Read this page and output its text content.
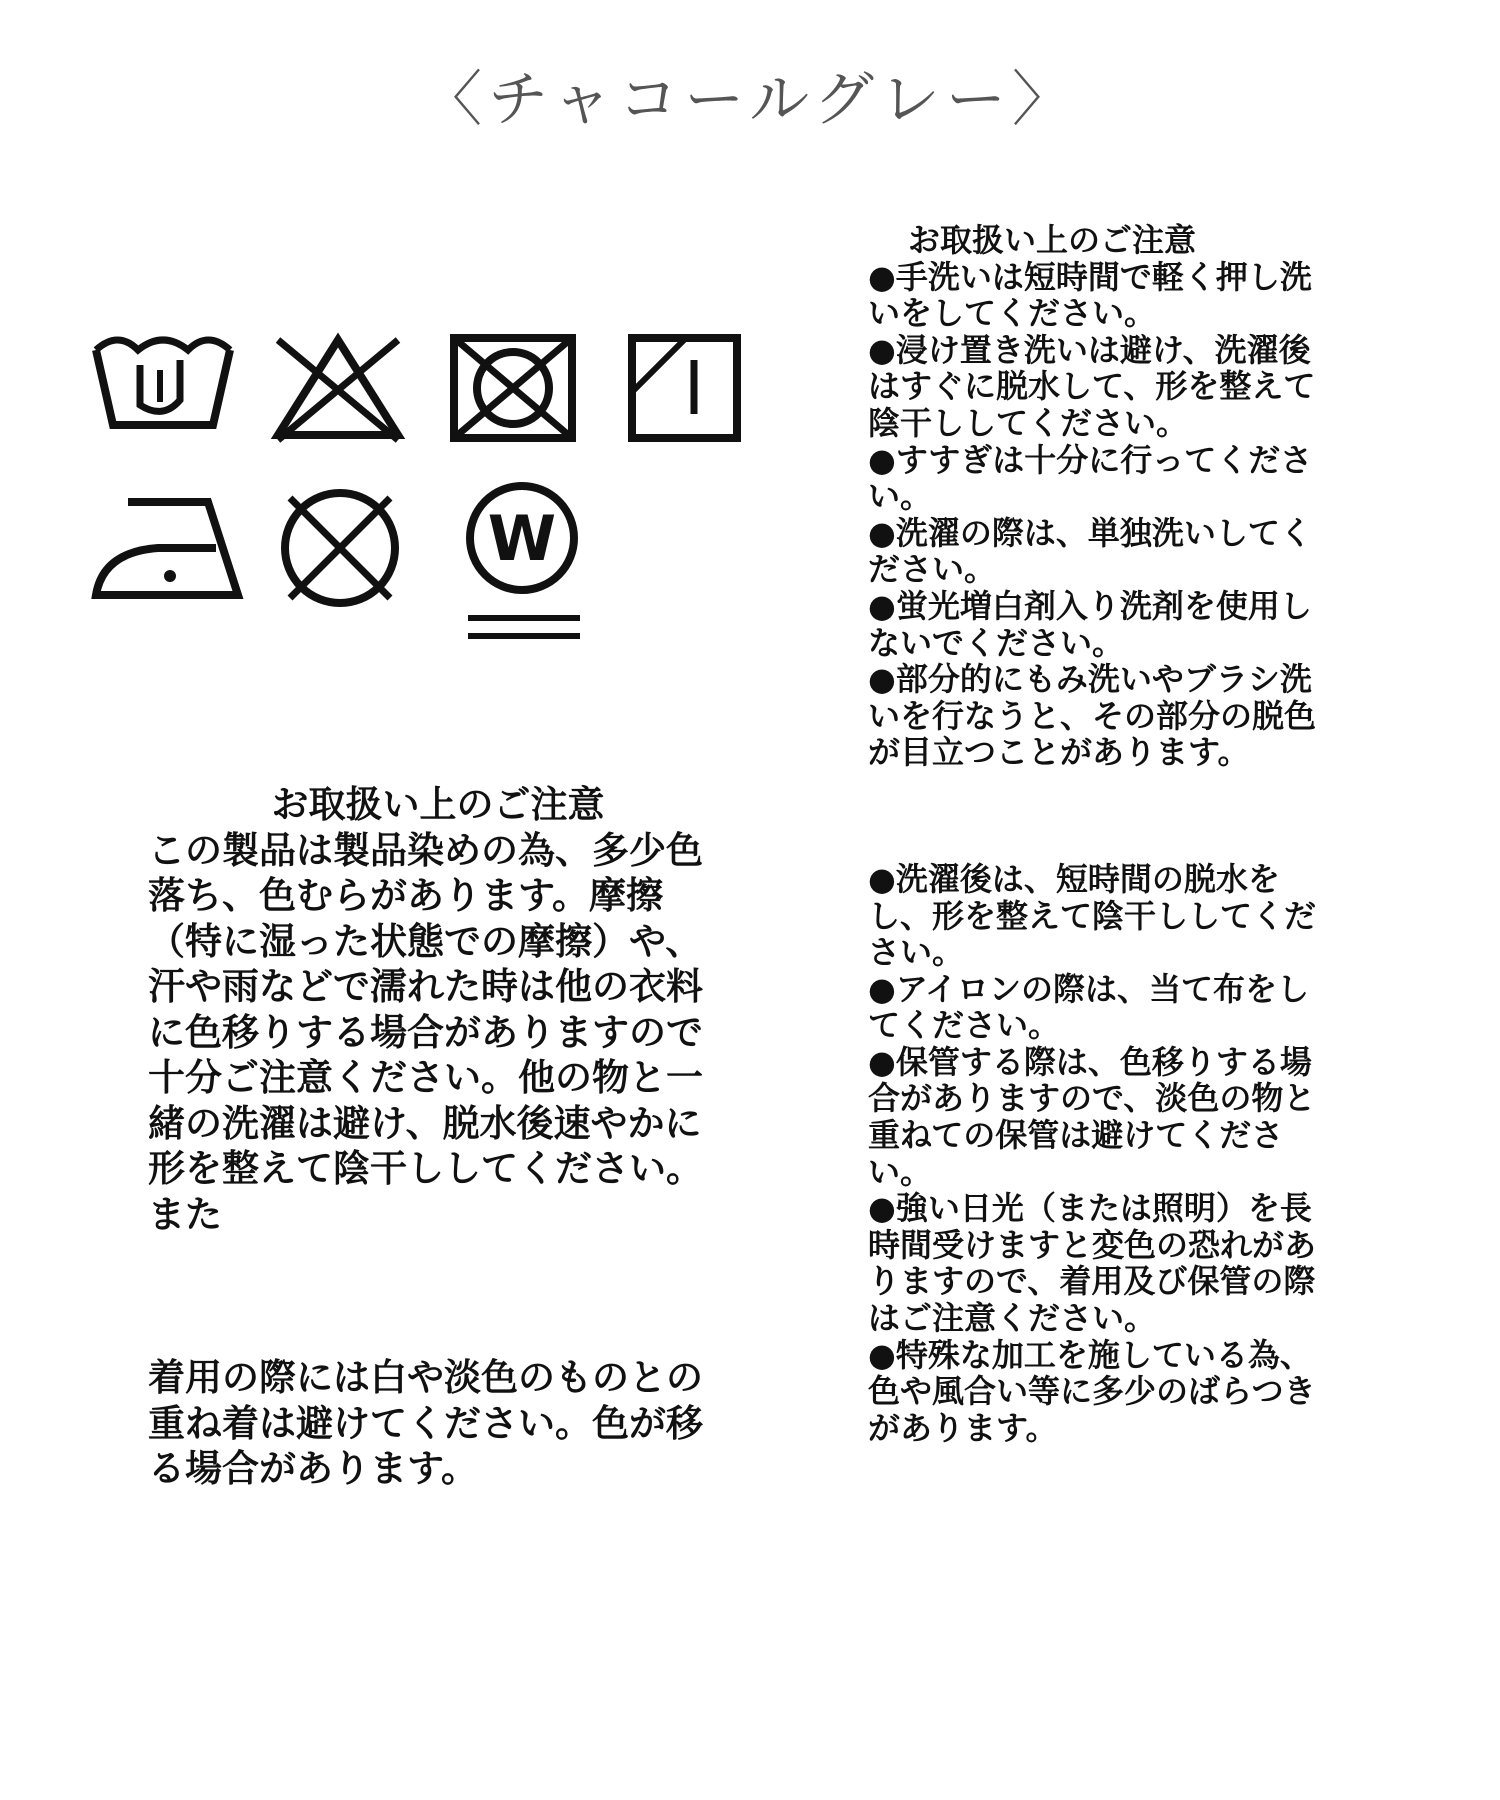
〈チャコールグレー〉
W

お取扱い上のご注意

この製品は製品染めの為、多少色落ち、色むらがあります。摩擦（特に湿った状態での摩擦）や、汗や雨などで濡れた時は他の衣料に色移りする場合がありますので十分ご注意ください。他の物と一緒の洗濯は避け、脱水後速やかに形を整えて陰干ししてください。また

着用の際には白や淡色のものとの重ね着は避けてください。色が移る場合があります。

お取扱い上のご注意

●手洗いは短時間で軽く押し洗いをしてください。

●浸け置き洗いは避け、洗濯後はすぐに脱水して、形を整えて陰干ししてください。

●すすぎは十分に行ってください。

●洗濯の際は、単独洗いしてください。

●蛍光増白剤入り洗剤を使用しないでください。

●部分的にもみ洗いやブラシ洗いを行なうと、その部分の脱色が目立つことがあります。

●洗濯後は、短時間の脱水をし、形を整えて陰干ししてください。

●アイロンの際は、当て布をしてください。

●保管する際は、色移りする場合がありますので、淡色の物と重ねての保管は避けてください。

●強い日光（または照明）を長時間受けますと変色の恐れがありますので、着用及び保管の際はご注意ください。

●特殊な加工を施している為、色や風合い等に多少のばらつきがあります。
